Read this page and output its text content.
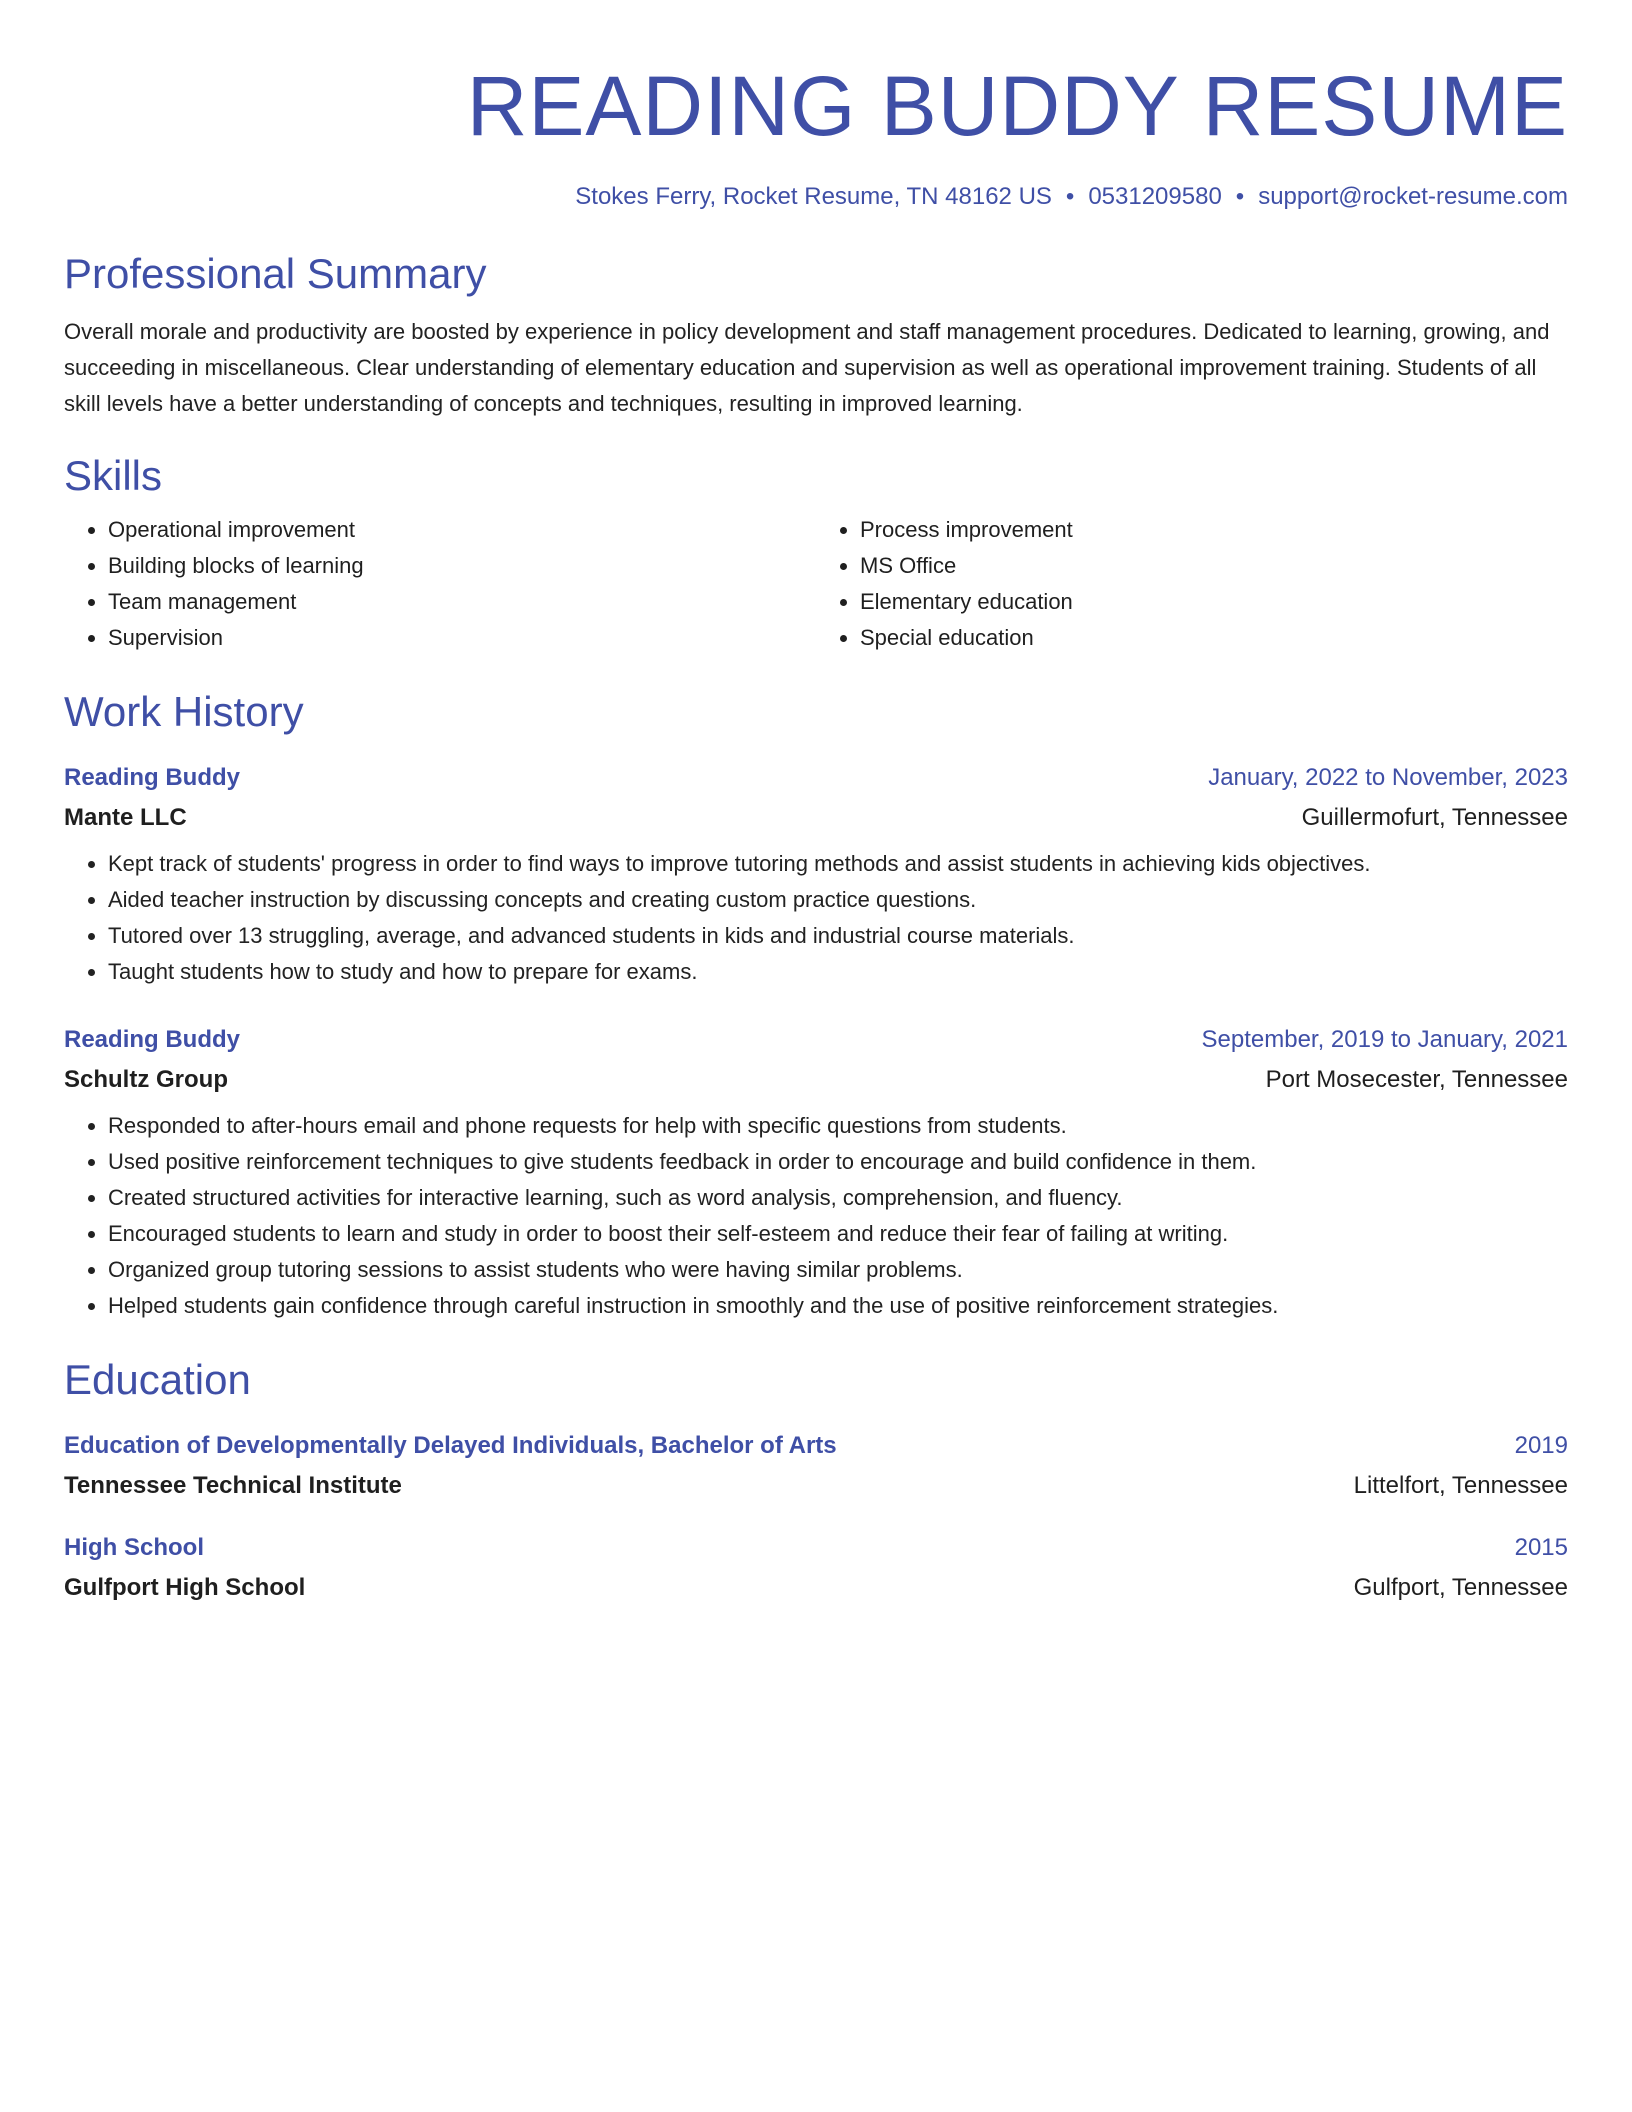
READING BUDDY RESUME
Stokes Ferry, Rocket Resume, TN 48162 US • 0531209580 • support@rocket-resume.com
Professional Summary

Overall morale and productivity are boosted by experience in policy development and staff management procedures. Dedicated to learning, growing, and succeeding in miscellaneous. Clear understanding of elementary education and supervision as well as operational improvement training. Students of all skill levels have a better understanding of concepts and techniques, resulting in improved learning.

Skills
• Operational improvement
• Building blocks of learning
• Team management
• Supervision
• Process improvement
• MS Office
• Elementary education
• Special education
Work History
Reading Buddy	January, 2022 to November, 2023
Mante LLC	Guillermofurt, Tennessee
• Kept track of students' progress in order to find ways to improve tutoring methods and assist students in achieving kids objectives.
• Aided teacher instruction by discussing concepts and creating custom practice questions.
• Tutored over 13 struggling, average, and advanced students in kids and industrial course materials.
• Taught students how to study and how to prepare for exams.
Reading Buddy	September, 2019 to January, 2021
Schultz Group	Port Mosecester, Tennessee
• Responded to after-hours email and phone requests for help with specific questions from students.
• Used positive reinforcement techniques to give students feedback in order to encourage and build confidence in them.
• Created structured activities for interactive learning, such as word analysis, comprehension, and fluency.
• Encouraged students to learn and study in order to boost their self-esteem and reduce their fear of failing at writing.
• Organized group tutoring sessions to assist students who were having similar problems.
• Helped students gain confidence through careful instruction in smoothly and the use of positive reinforcement strategies.
Education
Education of Developmentally Delayed Individuals, Bachelor of Arts	2019
Tennessee Technical Institute	Littelfort, Tennessee
High School	2015
Gulfport High School	Gulfport, Tennessee
